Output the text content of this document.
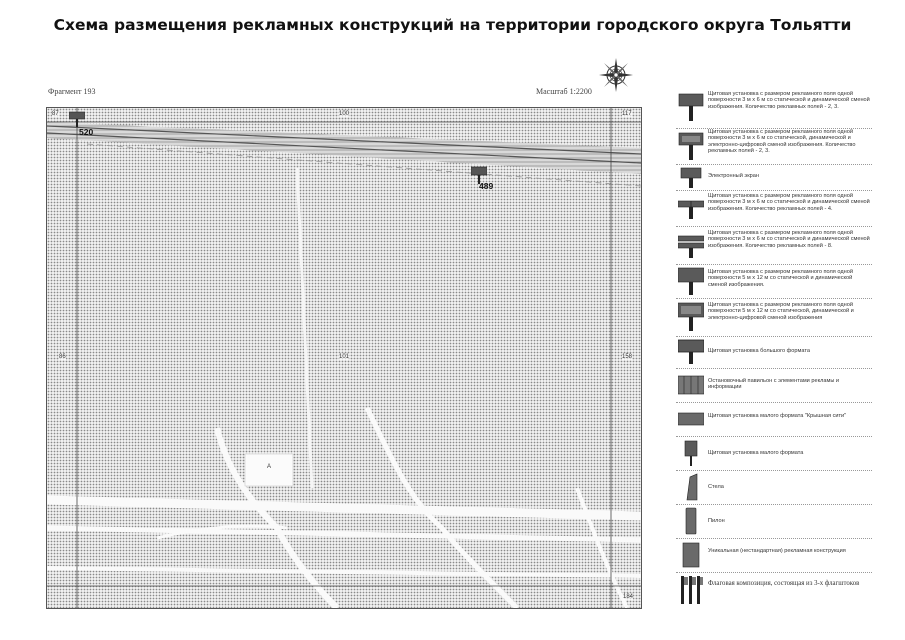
Схема размещения рекламных конструкций на территории городского округа Тольятти
Фрагмент 193	Масштаб 1:2200
87	100	117
86	101	158
184
А
520
489
Щитовая установка с размером рекламного поля одной поверхности 3 м х 6 м со статической и динамической сменой изображения. Количество рекламных полей - 2, 3.
Щитовая установка с размером рекламного поля одной поверхности 3 м х 6 м со статической, динамической и электронно-цифровой сменой изображения. Количество рекламных полей - 2, 3.
Электронный экран
Щитовая установка с размером рекламного поля одной поверхности 3 м х 6 м со статической и динамической сменой изображения. Количество рекламных полей - 4.
Щитовая установка с размером рекламного поля одной поверхности 3 м х 6 м со статической и динамической сменой изображения. Количество рекламных полей - 8.
Щитовая установка с размером рекламного поля одной поверхности 5 м х 12 м со статической и динамической сменой изображения.
Щитовая установка с размером рекламного поля одной поверхности 5 м х 12 м со статической, динамической и электронно-цифровой сменой изображения
Щитовая установка большого формата
Остановочный павильон с элементами рекламы и информации
Щитовая установка малого формата "Крышная сити"
Щитовая установка малого формата
Стела
Пилон
Уникальная (нестандартная) рекламная конструкция
Флаговая композиция, состоящая из 3-х флагштоков
